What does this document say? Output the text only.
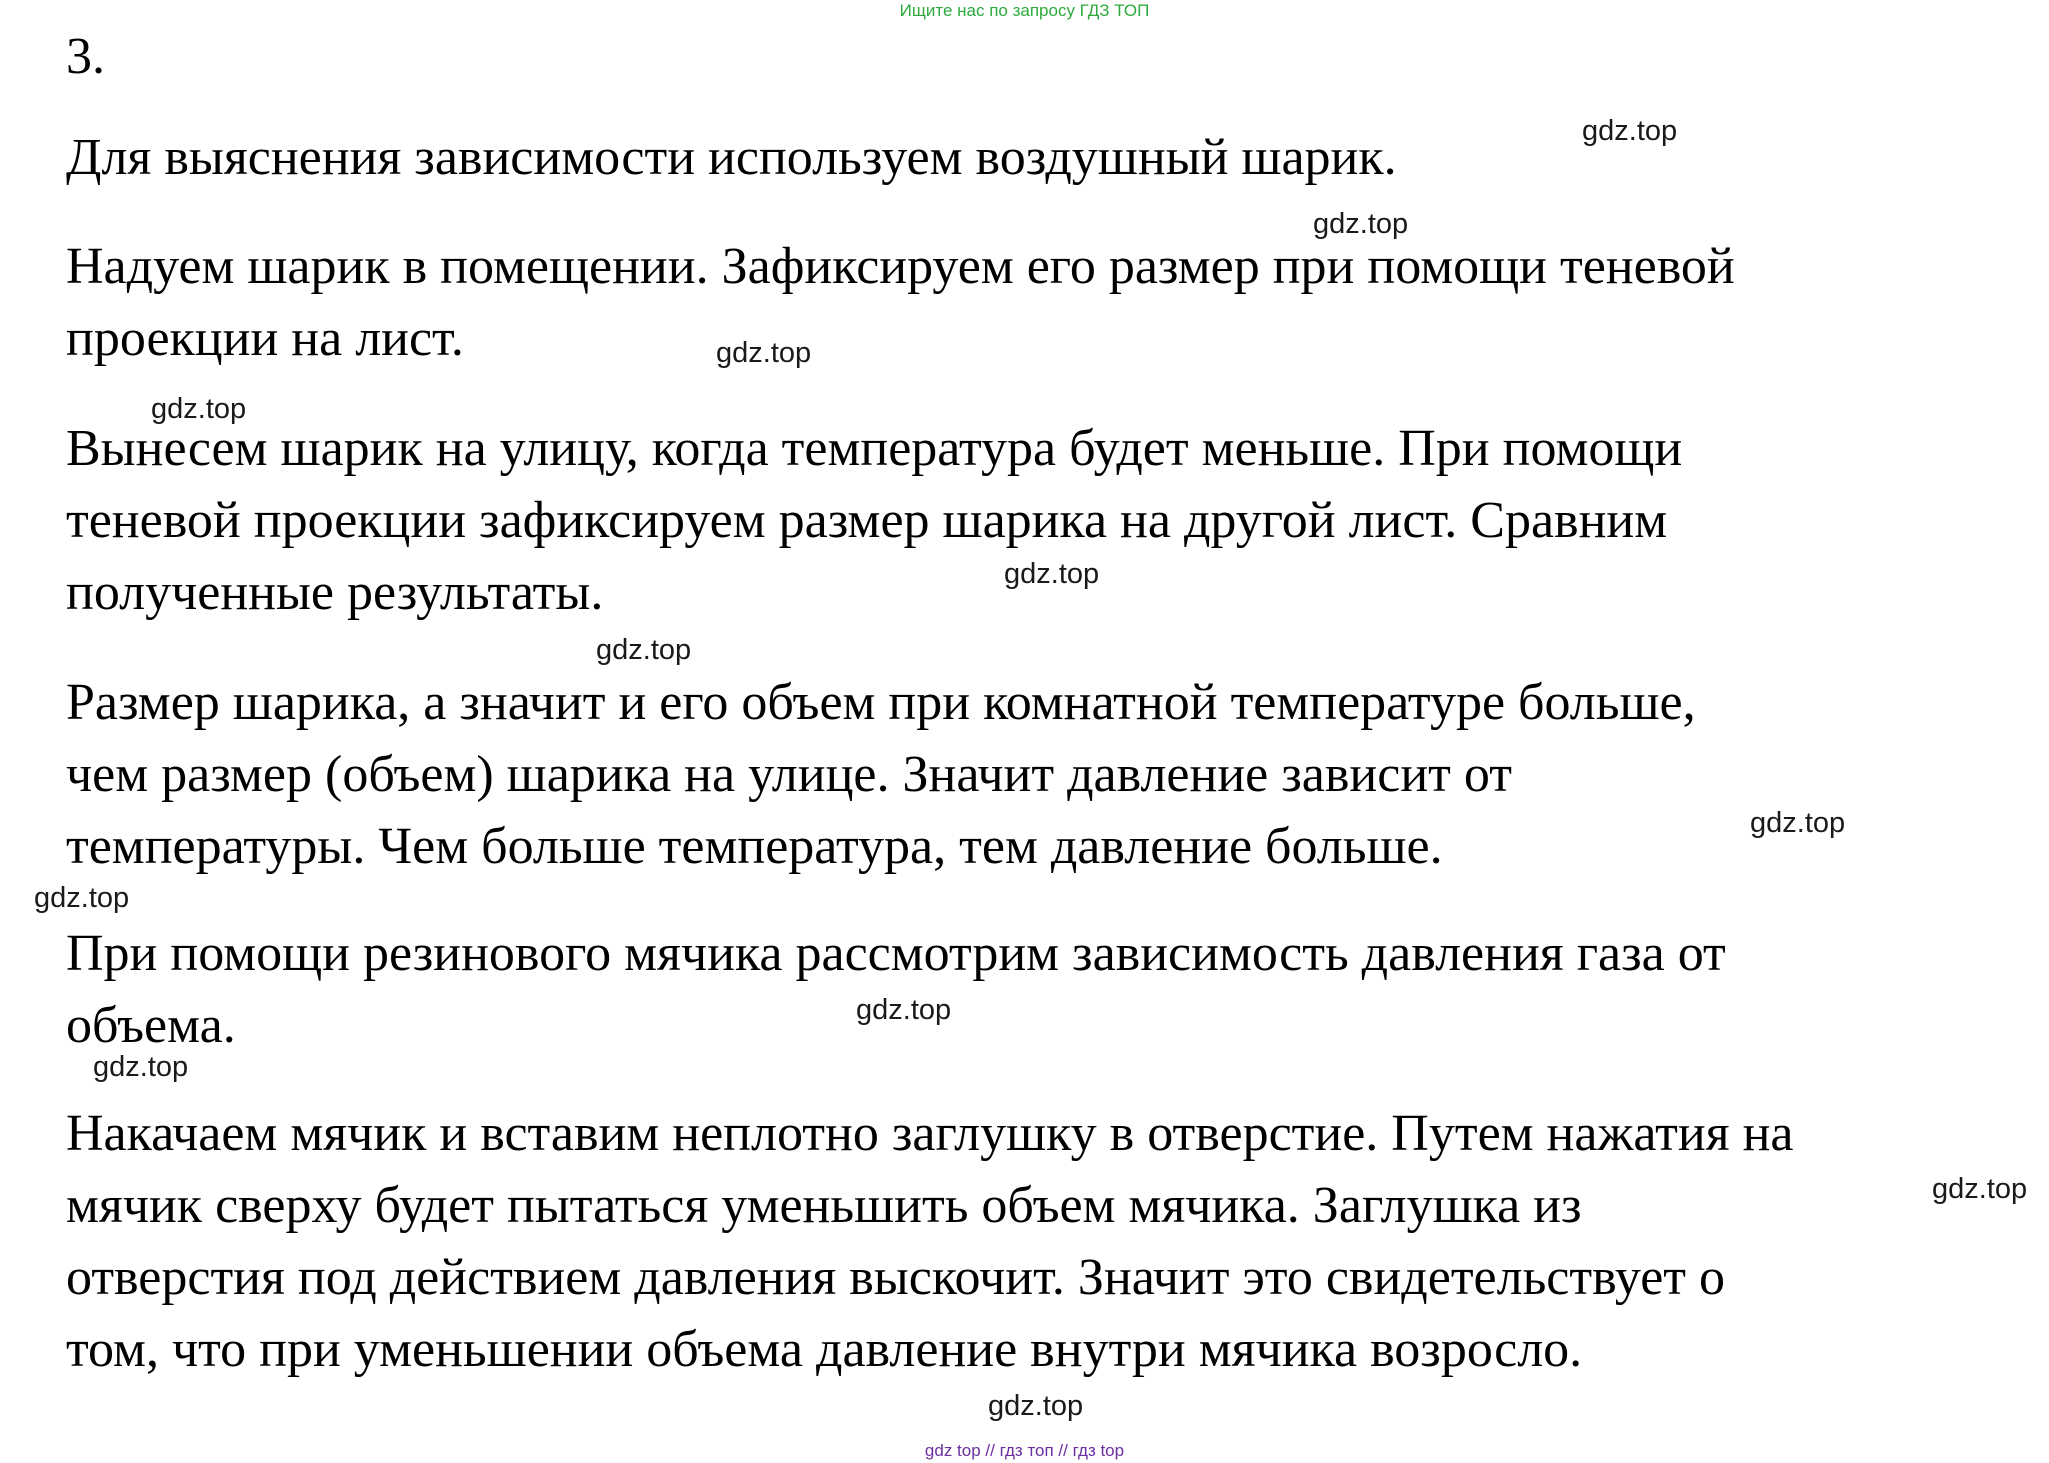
Ищите нас по запросу ГДЗ ТОП
3.

Для выяснения зависимости используем воздушный шарик.

Надуем шарик в помещении. Зафиксируем его размер при помощи теневой
проекции на лист.

Вынесем шарик на улицу, когда температура будет меньше. При помощи
теневой проекции зафиксируем размер шарика на другой лист. Сравним
полученные результаты.

Размер шарика, а значит и его объем при комнатной температуре больше,
чем размер (объем) шарика на улице. Значит давление зависит от
температуры. Чем больше температура, тем давление больше.

При помощи резинового мячика рассмотрим зависимость давления газа от
объема.

Накачаем мячик и вставим неплотно заглушку в отверстие. Путем нажатия на
мячик сверху будет пытаться уменьшить объем мячика. Заглушка из
отверстия под действием давления выскочит. Значит это свидетельствует о
том, что при уменьшении объема давление внутри мячика возросло.

gdz.top
gdz.top
gdz.top
gdz.top
gdz.top
gdz.top
gdz.top
gdz.top
gdz.top
gdz.top
gdz.top
gdz.top
gdz top // гдз топ // гдз top
